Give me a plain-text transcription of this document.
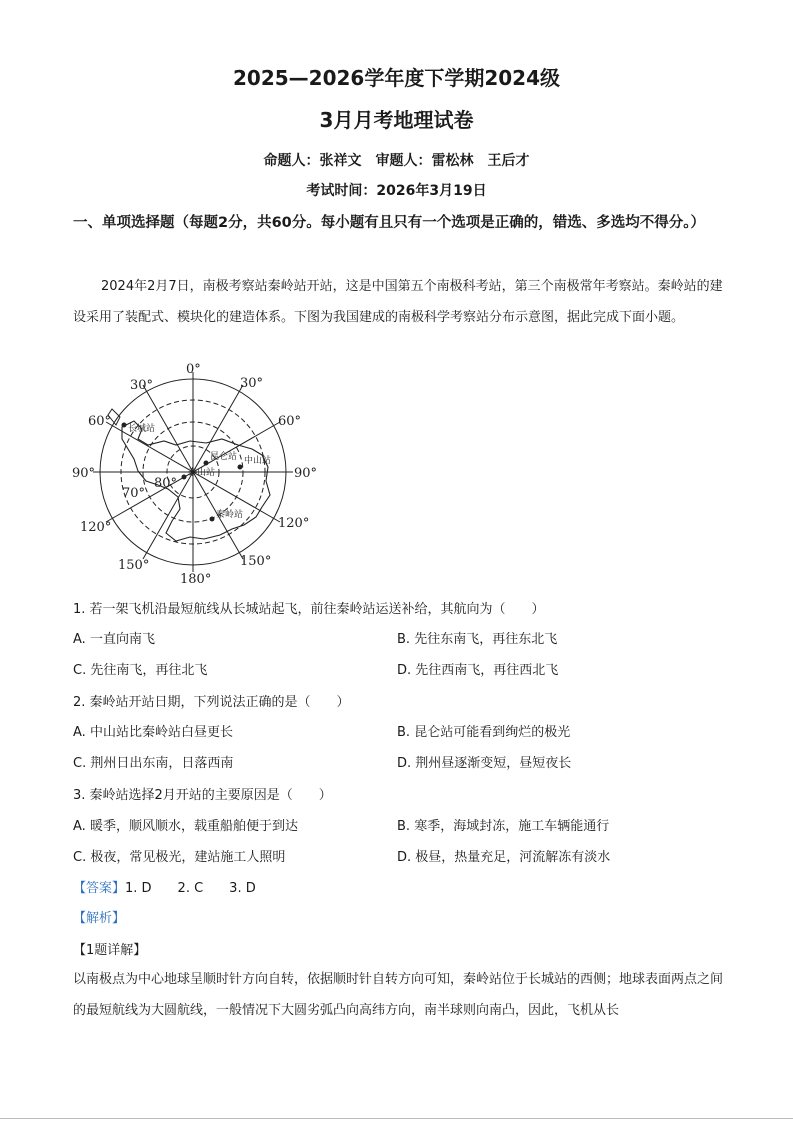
2025—2026学年度下学期2024级
3月月考地理试卷
命题人：张祥文　审题人：雷松林　王后才
考试时间：2026年3月19日
一、单项选择题（每题2分，共60分。每小题有且只有一个选项是正确的，错选、多选均不得分。）
2024年2月7日，南极考察站秦岭站开站，这是中国第五个南极科考站，第三个南极常年考察站。秦岭站的建设采用了装配式、模块化的建造体系。下图为我国建成的南极科学考察站分布示意图，据此完成下面小题。
0°
30°	30°
60°	60°
90°	90°
120°	120°
150°	150°
180°
70°
80°
长城站
中山站
昆仑站
泰山站
秦岭站
1. 若一架飞机沿最短航线从长城站起飞，前往秦岭站运送补给，其航向为（　　）
A. 一直向南飞	B. 先往东南飞，再往东北飞
C. 先往南飞，再往北飞	D. 先往西南飞，再往西北飞
2. 秦岭站开站日期，下列说法正确的是（　　）
A. 中山站比秦岭站白昼更长	B. 昆仑站可能看到绚烂的极光
C. 荆州日出东南，日落西南	D. 荆州昼逐渐变短，昼短夜长
3. 秦岭站选择2月开站的主要原因是（　　）
A. 暖季，顺风顺水，载重船舶便于到达	B. 寒季，海域封冻，施工车辆能通行
C. 极夜，常见极光，建站施工人照明	D. 极昼，热量充足，河流解冻有淡水
【答案】1. D　　2. C　　3. D
【解析】
【1题详解】
以南极点为中心地球呈顺时针方向自转，依据顺时针自转方向可知，秦岭站位于长城站的西侧；地球表面两点之间的最短航线为大圆航线，一般情况下大圆劣弧凸向高纬方向，南半球则向南凸，因此，飞机从长
